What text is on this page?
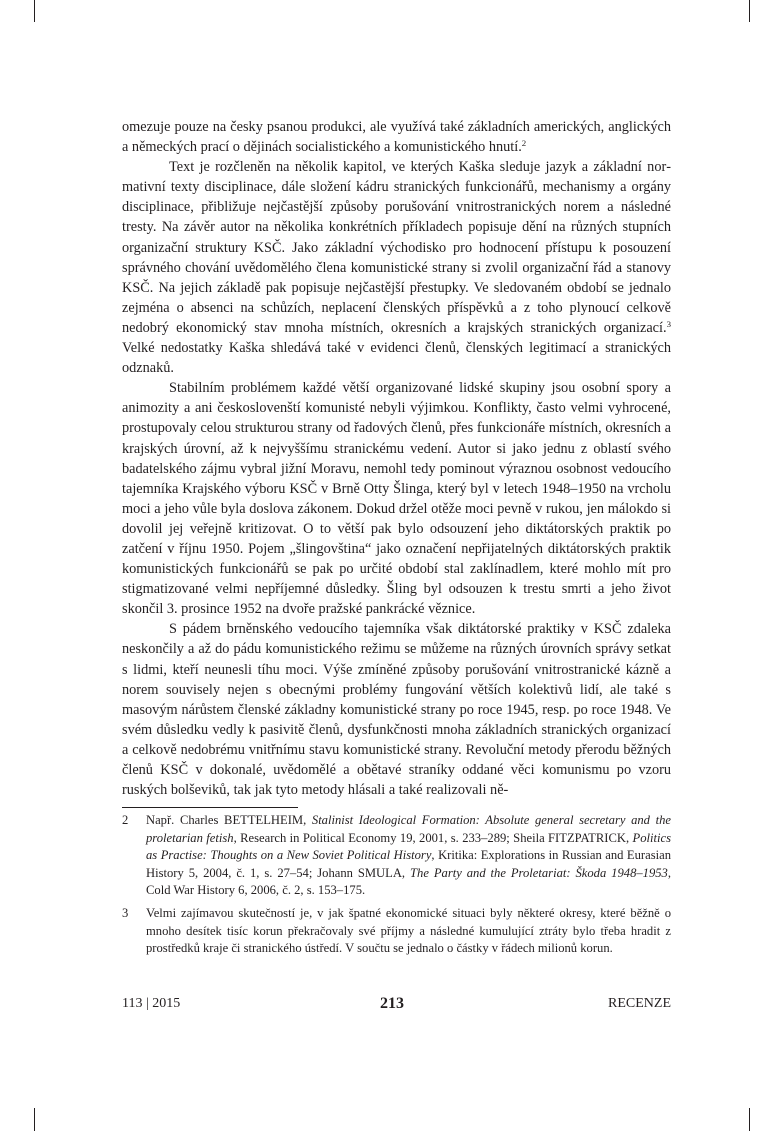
omezuje pouze na česky psanou produkci, ale využívá také základních amerických, anglických a německých prací o dějinách socialistického a komunistického hnutí.$^2$

Text je rozčleněn na několik kapitol, ve kterých Kaška sleduje jazyk a základní normativní texty disciplinace, dále složení kádru stranických funkcionářů, mechanismy a orgány disciplinace, přibližuje nejčastější způsoby porušování vnitrostranických norem a následné tresty. Na závěr autor na několika konkrétních příkladech popisuje dění na různých stupních organizační struktury KSČ. Jako základní východisko pro hodnocení přístupu k posouzení správného chování uvědomělého člena komunistické strany si zvolil organizační řád a stanovy KSČ. Na jejich základě pak popisuje nejčastější přestupky. Ve sledovaném období se jednalo zejména o absenci na schůzích, neplacení členských příspěvků a z toho plynoucí celkově nedobrý ekonomický stav mnoha místních, okresních a krajských stranických organizací.$^3$ Velké nedostatky Kaška shledává také v evidenci členů, členských legitimací a stranických odznaků.

Stabilním problémem každé větší organizované lidské skupiny jsou osobní spory a animozity a ani českoslovenští komunisté nebyli výjimkou. Konflikty, často velmi vyhrocené, prostupovaly celou strukturou strany od řadových členů, přes funkcionáře místních, okresních a krajských úrovní, až k nejvyššímu stranickému vedení. Autor si jako jednu z oblastí svého badatelského zájmu vybral jižní Moravu, nemohl tedy pominout výraznou osobnost vedoucího tajemníka Krajského výboru KSČ v Brně Otty Šlinga, který byl v letech 1948–1950 na vrcholu moci a jeho vůle byla doslova zákonem. Dokud držel otěže moci pevně v rukou, jen málokdo si dovolil jej veřejně kritizovat. O to větší pak bylo odsouzení jeho diktátorských praktik po zatčení v říjnu 1950. Pojem „šlingovština“ jako označení nepřijatelných diktátorských praktik komunistických funkcionářů se pak po určité období stal zaklínadlem, které mohlo mít pro stigmatizované velmi nepříjemné důsledky. Šling byl odsouzen k trestu smrti a jeho život skončil 3. prosince 1952 na dvoře pražské pankrácké věznice.

S pádem brněnského vedoucího tajemníka však diktátorské praktiky v KSČ zdaleka neskončily a až do pádu komunistického režimu se můžeme na různých úrovních správy setkat s lidmi, kteří neunesli tíhu moci. Výše zmíněné způsoby porušování vnitrostranické kázně a norem souvisely nejen s obecnými problémy fungování větších kolektivů lidí, ale také s masovým nárůstem členské základny komunistické strany po roce 1945, resp. po roce 1948. Ve svém důsledku vedly k pasivitě členů, dysfunkčnosti mnoha základních stranických organizací a celkově nedobrému vnitřnímu stavu komunistické strany. Revoluční metody přerodu běžných členů KSČ v dokonalé, uvědomělé a obětavé straníky oddané věci komunismu po vzoru ruských bolševiků, tak jak tyto metody hlásali a také realizovali ně-

2 Např. Charles BETTELHEIM, Stalinist Ideological Formation: Absolute general secretary and the proletarian fetish, Research in Political Economy 19, 2001, s. 233–289; Sheila FITZPATRICK, Politics as Practise: Thoughts on a New Soviet Political History, Kritika: Explorations in Russian and Eurasian History 5, 2004, č. 1, s. 27–54; Johann SMULA, The Party and the Proletariat: Škoda 1948–1953, Cold War History 6, 2006, č. 2, s. 153–175.
3 Velmi zajímavou skutečností je, v jak špatné ekonomické situaci byly některé okresy, které běžně o mnoho desítek tisíc korun překračovaly své příjmy a následné kumulující ztráty bylo třeba hradit z prostředků kraje či stranického ústředí. V součtu se jednalo o částky v řádech milionů korun.
113 | 2015	213	RECENZE
